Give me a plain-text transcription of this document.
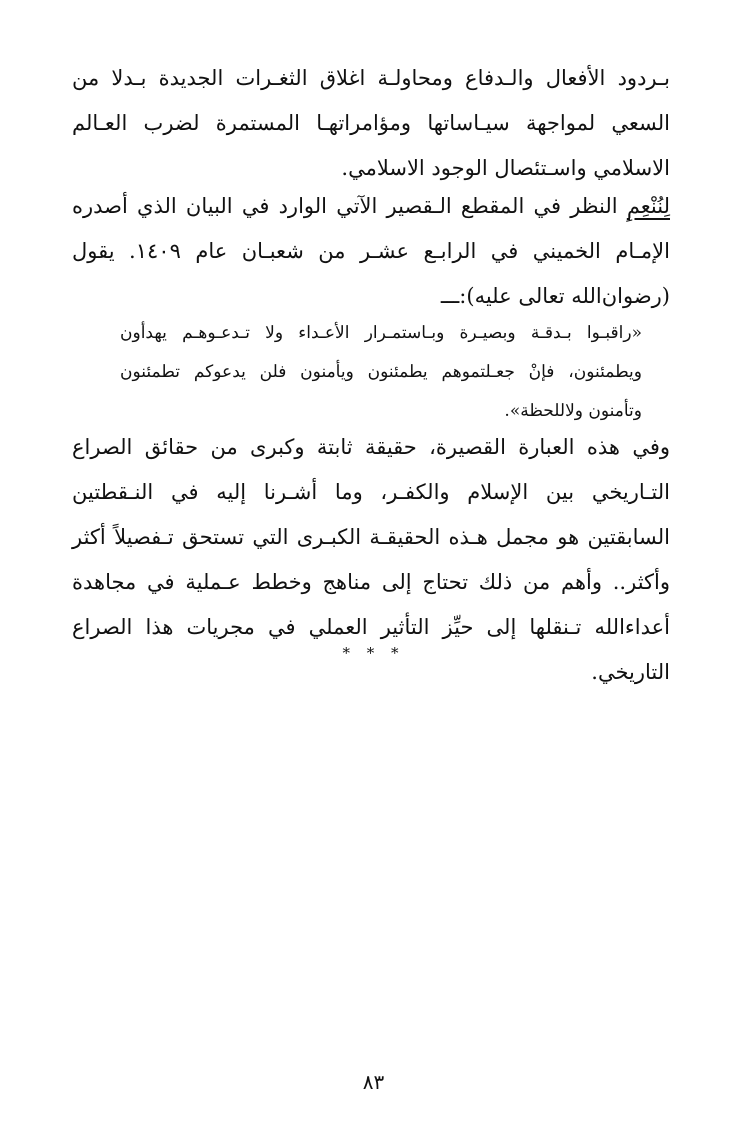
بـردود الأفعال والـدفاع ومحاولـة اغلاق الثغـرات الجديدة بـدلا من السعي لمواجهة سيـاساتها ومؤامراتهـا المستمرة لضرب العـالم الاسلامي واسـتئصال الوجود الاسلامي.

لِنُنْعِمِ النظر في المقطع الـقصير الآتي الوارد في البيان الذي أصدره الإمـام الخميني في الرابـع عشـر من شعبـان عام ١٤٠٩. يقول (رضوان‌الله تعالى عليه):ـــ

«راقبـوا بـدقـة وبصيـرة وبـاستمـرار الأعـداء ولا تـدعـوهـم يهدأون ويطمئنون، فإنْ جعـلتموهم يطمئنون ويأمنون فلن يدعوكم تطمئنون وتأمنون ولاللحظة».

وفي هذه العبارة القصيرة، حقيقة ثابتة وكبرى من حقائق الصراع التـاريخي بين الإسلام والكفـر، وما أشـرنا إليه في النـقطتين السابقتين هو مجمل هـذه الحقيقـة الكبـرى التي تستحق تـفصيلاً أكثر وأكثر.. وأهم من ذلك تحتاج إلى مناهج وخطط عـملية في مجاهدة أعداء‌الله تـنقلها إلى حيِّز التأثير العملي في مجريات هذا الصراع التاريخي.

* * *
٨٣
